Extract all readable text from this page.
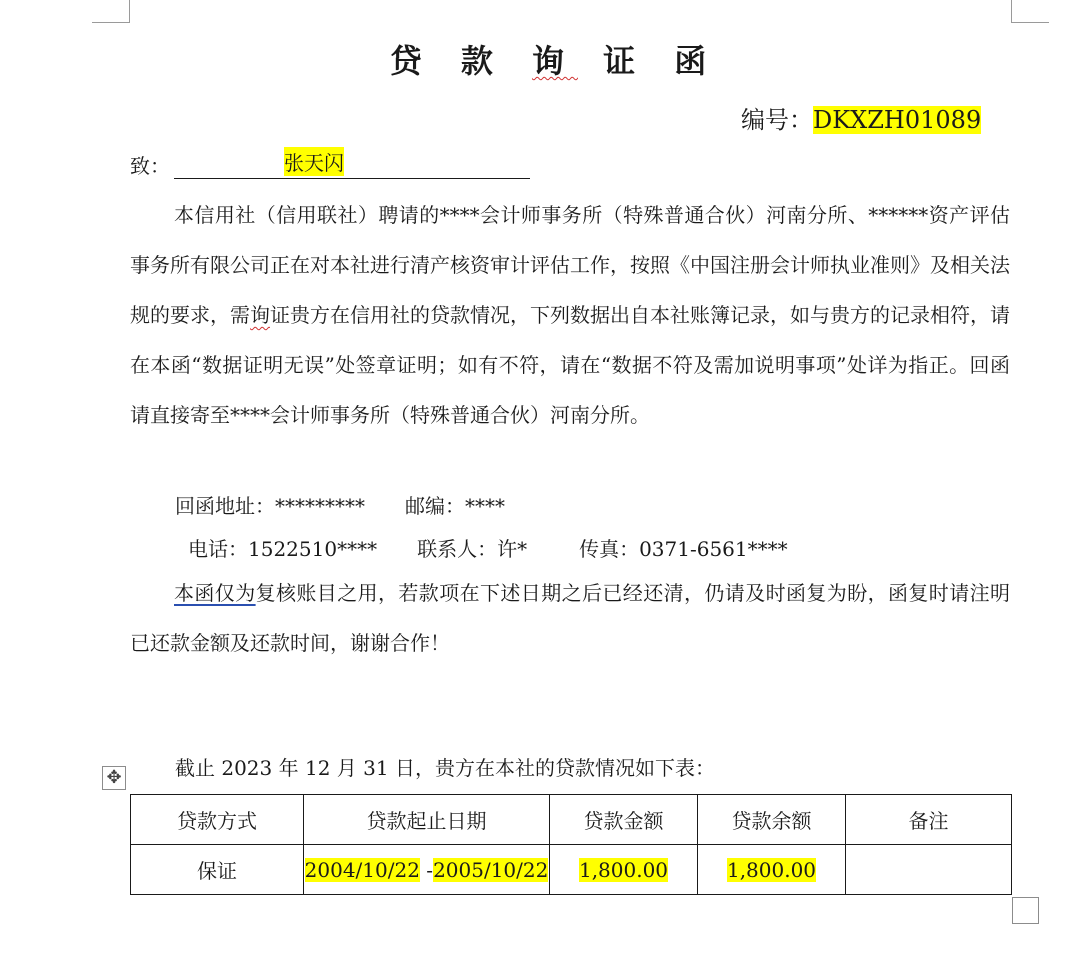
贷 款 询 证 函
编号：DKXZH01089
致：	张天闪
本信用社（信用联社）聘请的****会计师事务所（特殊普通合伙）河南分所、******资产评估事务所有限公司正在对本社进行清产核资审计评估工作，按照《中国注册会计师执业准则》及相关法规的要求，需询证贵方在信用社的贷款情况，下列数据出自本社账簿记录，如与贵方的记录相符，请在本函“数据证明无误”处签章证明；如有不符，请在“数据不符及需加说明事项”处详为指正。回函请直接寄至****会计师事务所（特殊普通合伙）河南分所。
回函地址：********* 邮编：****
电话：1522510**** 联系人：许*	传真：0371-6561****
本函仅为复核账目之用，若款项在下述日期之后已经还清，仍请及时函复为盼，函复时请注明已还款金额及还款时间，谢谢合作！
截止 2023 年 12 月 31 日，贵方在本社的贷款情况如下表：
✥
贷款方式	贷款起止日期	贷款金额	贷款余额	备注
保证	2004/10/22 -2005/10/22	1,800.00	1,800.00	
